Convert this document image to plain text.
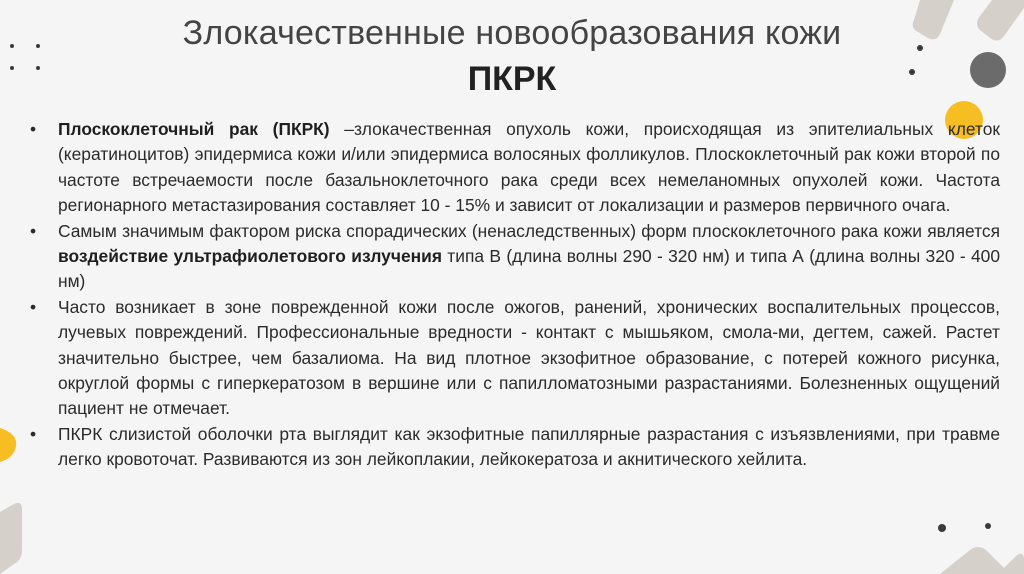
Злокачественные новообразования кожи
ПКРК
• Плоскоклеточный рак (ПКРК) –злокачественная опухоль кожи, происходящая из эпителиальных клеток (кератиноцитов) эпидермиса кожи и/или эпидермиса волосяных фолликулов. Плоскоклеточный рак кожи второй по частоте встречаемости после базальноклеточного рака среди всех немеланомных опухолей кожи. Частота регионарного метастазирования составляет 10 - 15% и зависит от локализации и размеров первичного очага.
• Самым значимым фактором риска спорадических (ненаследственных) форм плоскоклеточного рака кожи является воздействие ультрафиолетового излучения типа В (длина волны 290 - 320 нм) и типа А (длина волны 320 - 400 нм)
• Часто возникает в зоне поврежденной кожи после ожогов, ранений, хронических воспалительных процессов, лучевых повреждений. Профессиональные вредности - контакт с мышьяком, смола-ми, дегтем, сажей. Растет значительно быстрее, чем базалиома. На вид плотное экзофитное образование, с потерей кожного рисунка, округлой формы с гиперкератозом в вершине или с папилломатозными разрастаниями. Болезненных ощущений пациент не отмечает.
• ПКРК слизистой оболочки рта выглядит как экзофитные папиллярные разрастания с изъязвлениями, при травме легко кровоточат. Развиваются из зон лейкоплакии, лейкокератоза и акнитического хейлита.
